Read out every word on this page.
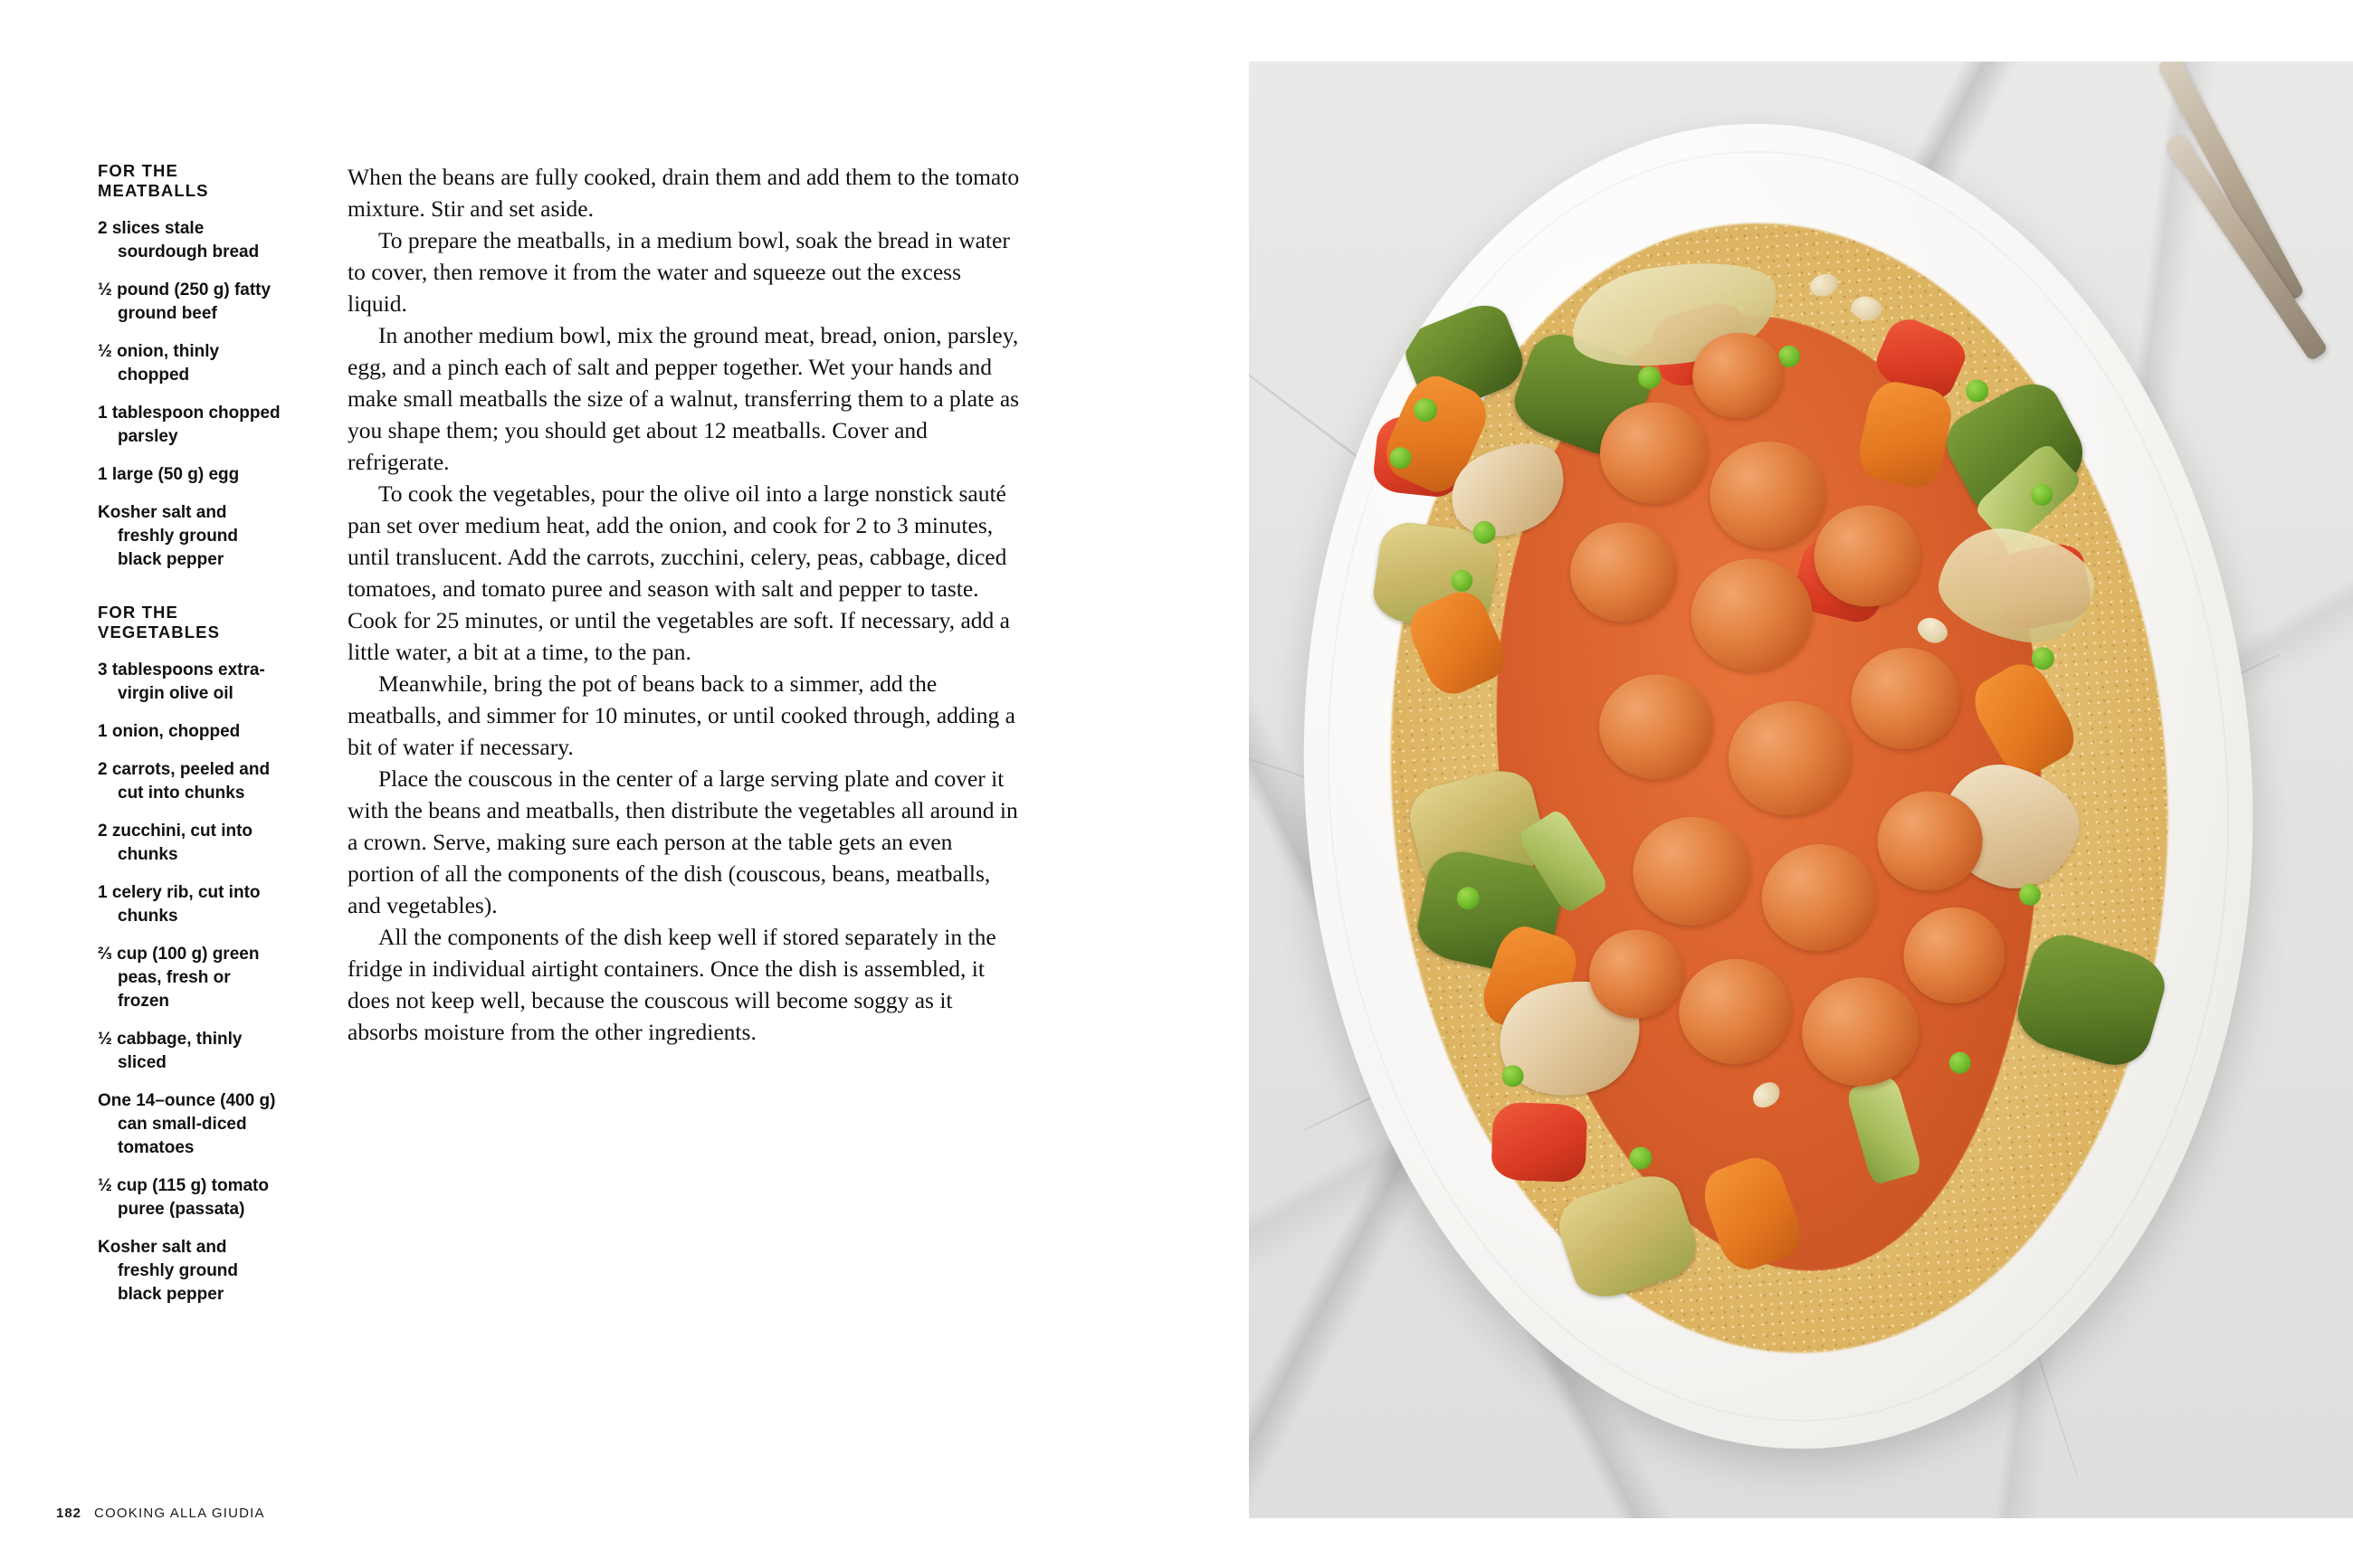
FOR THE MEATBALLS

2 slices stale sourdough bread

½ pound (250 g) fatty ground beef

½ onion, thinly chopped

1 tablespoon chopped parsley

1 large (50 g) egg

Kosher salt and freshly ground black pepper

FOR THE VEGETABLES

3 tablespoons extra-virgin olive oil

1 onion, chopped

2 carrots, peeled and cut into chunks

2 zucchini, cut into chunks

1 celery rib, cut into chunks

⅔ cup (100 g) green peas, fresh or frozen

½ cabbage, thinly sliced

One 14–ounce (400 g) can small-diced tomatoes

½ cup (115 g) tomato puree (passata)

Kosher salt and freshly ground black pepper

When the beans are fully cooked, drain them and add them to the tomato mixture. Stir and set aside.

To prepare the meatballs, in a medium bowl, soak the bread in water to cover, then remove it from the water and squeeze out the excess liquid.

In another medium bowl, mix the ground meat, bread, onion, parsley, egg, and a pinch each of salt and pepper together. Wet your hands and make small meatballs the size of a walnut, transferring them to a plate as you shape them; you should get about 12 meatballs. Cover and refrigerate.

To cook the vegetables, pour the olive oil into a large nonstick sauté pan set over medium heat, add the onion, and cook for 2 to 3 minutes, until translucent. Add the carrots, zucchini, celery, peas, cabbage, diced tomatoes, and tomato puree and season with salt and pepper to taste. Cook for 25 minutes, or until the vegetables are soft. If necessary, add a little water, a bit at a time, to the pan.

Meanwhile, bring the pot of beans back to a simmer, add the meatballs, and simmer for 10 minutes, or until cooked through, adding a bit of water if necessary.

Place the couscous in the center of a large serving plate and cover it with the beans and meatballs, then distribute the vegetables all around in a crown. Serve, making sure each person at the table gets an even portion of all the components of the dish (couscous, beans, meatballs, and vegetables).

All the components of the dish keep well if stored separately in the fridge in individual airtight containers. Once the dish is assembled, it does not keep well, because the couscous will become soggy as it absorbs moisture from the other ingredients.

182 COOKING ALLA GIUDIA
